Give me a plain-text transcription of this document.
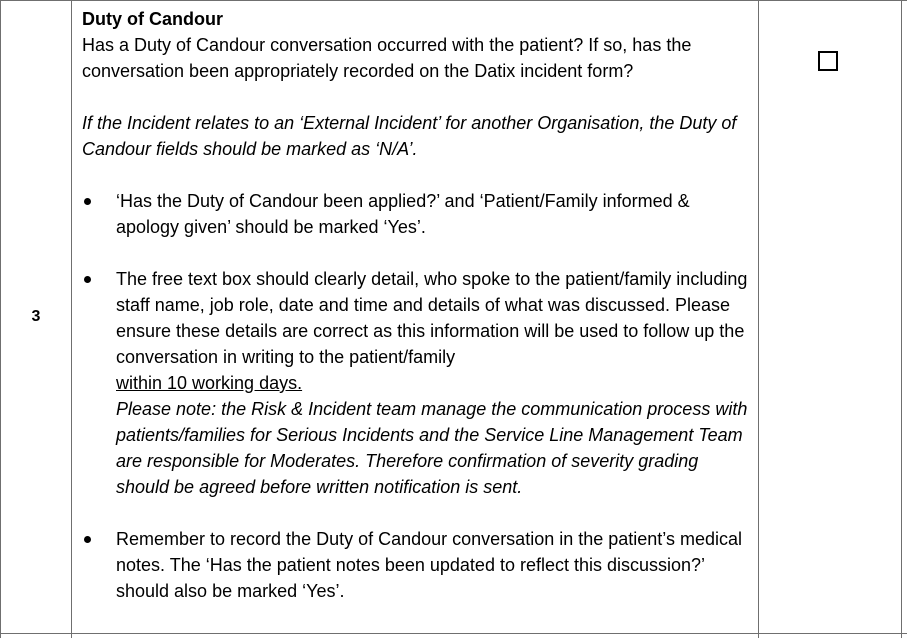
3

Duty of Candour

Has a Duty of Candour conversation occurred with the patient? If so, has the conversation been appropriately recorded on the Datix incident form?

If the Incident relates to an ‘External Incident’ for another Organisation, the Duty of Candour fields should be marked as ‘N/A’.

‘Has the Duty of Candour been applied?’ and ‘Patient/Family informed & apology given’ should be marked ‘Yes’.
The free text box should clearly detail, who spoke to the patient/family including staff name, job role, date and time and details of what was discussed. Please ensure these details are correct as this information will be used to follow up the conversation in writing to the patient/family
within 10 working days.
Please note: the Risk & Incident team manage the communication process with patients/families for Serious Incidents and the Service Line Management Team are responsible for Moderates. Therefore confirmation of severity grading should be agreed before written notification is sent.
Remember to record the Duty of Candour conversation in the patient’s medical notes. The ‘Has the patient notes been updated to reflect this discussion?’ should also be marked ‘Yes’.
